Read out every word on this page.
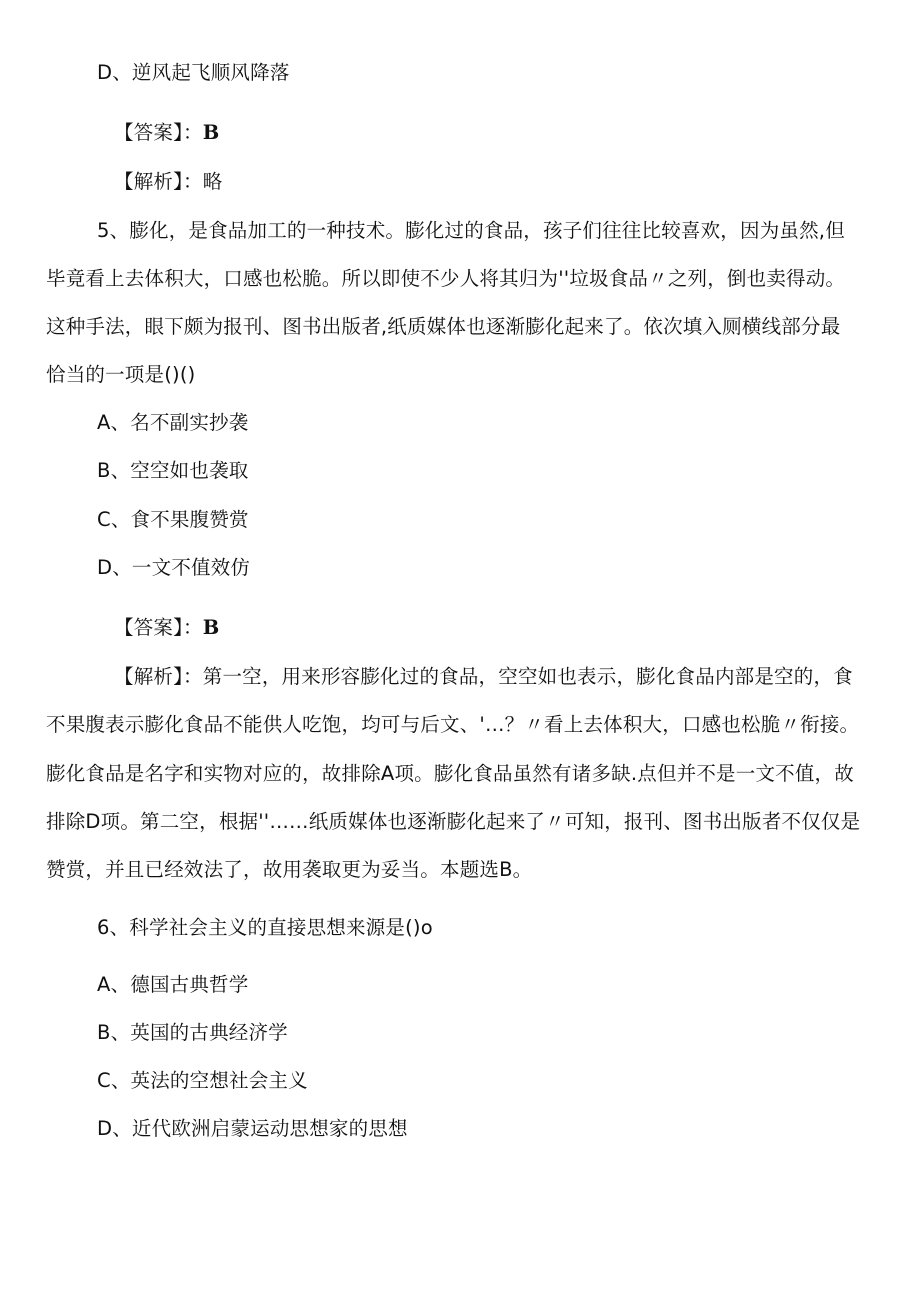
D、逆风起飞顺风降落
【答案】：B
【解析】：略
5、膨化，是食品加工的一种技术。膨化过的食品，孩子们往往比较喜欢，因为虽然,但
毕竟看上去体积大，口感也松脆。所以即使不少人将其归为''垃圾食品〃之列，倒也卖得动。
这种手法，眼下颇为报刊、图书出版者,纸质媒体也逐渐膨化起来了。依次填入厕横线部分最
恰当的一项是()()
A、名不副实抄袭
B、空空如也袭取
C、食不果腹赞赏
D、一文不值效仿
【答案】：B
【解析】：第一空，用来形容膨化过的食品，空空如也表示，膨化食品内部是空的，食
不果腹表示膨化食品不能供人吃饱，均可与后文、'…？〃看上去体积大，口感也松脆〃衔接。
膨化食品是名字和实物对应的，故排除A项。膨化食品虽然有诸多缺.点但并不是一文不值，故
排除D项。第二空，根据''……纸质媒体也逐渐膨化起来了〃可知，报刊、图书出版者不仅仅是
赞赏，并且已经效法了，故用袭取更为妥当。本题选B。
6、科学社会主义的直接思想来源是()o
A、德国古典哲学
B、英国的古典经济学
C、英法的空想社会主义
D、近代欧洲启蒙运动思想家的思想
